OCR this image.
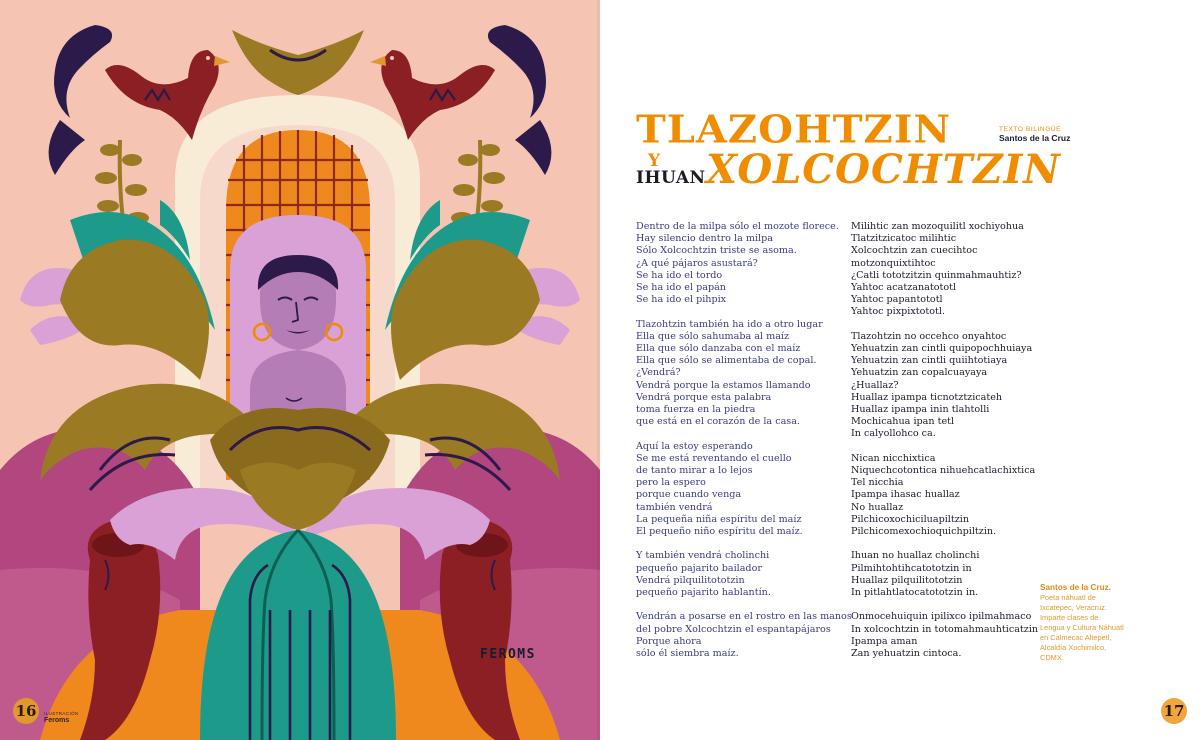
FEROMS
16	ILUSTRACIÓN
Feroms
TLAZOHTZIN
Y
IHUAN XOLCOCHTZIN
TEXTO BILINGÜE
Santos de la Cruz
Dentro de la milpa sólo el mozote florece.
Hay silencio dentro la milpa
Sólo Xolcochtzin triste se asoma.
¿A qué pájaros asustará?
Se ha ido el tordo
Se ha ido el papán
Se ha ido el pihpix
Tlazohtzin también ha ido a otro lugar
Ella que sólo sahumaba al maíz
Ella que sólo danzaba con el maíz
Ella que sólo se alimentaba de copal.
¿Vendrá?
Vendrá porque la estamos llamando
Vendrá porque esta palabra
toma fuerza en la piedra
que está en el corazón de la casa.
Aquí la estoy esperando
Se me está reventando el cuello
de tanto mirar a lo lejos
pero la espero
porque cuando venga
también vendrá
La pequeña niña espíritu del maíz
El pequeño niño espíritu del maíz.
Y también vendrá cholinchi
pequeño pajarito bailador
Vendrá pilquilitototzin
pequeño pajarito hablantín.
Vendrán a posarse en el rostro en las manos
del pobre Xolcochtzin el espantapájaros
Porque ahora
sólo él siembra maíz.
Milihtic zan mozoquilitl xochiyohua
Tlatzitzicatoc milihtic
Xolcochtzin zan cuecihtoc
motzonquixtihtoc
¿Catli tototzitzin quinmahmauhtiz?
Yahtoc acatzanatototl
Yahtoc papantototl
Yahtoc pixpixtototl.
Tlazohtzin no occehco onyahtoc
Yehuatzin zan cintli quipopochhuiaya
Yehuatzin zan cintli quiihtotiaya
Yehuatzin zan copalcuayaya
¿Huallaz?
Huallaz ipampa ticnotztzicateh
Huallaz ipampa inin tlahtolli
Mochicahua ipan tetl
In calyollohco ca.
Nican nicchixtica
Niquechcotontica nihuehcatlachixtica
Tel nicchia
Ipampa ihasac huallaz
No huallaz
Pilchicoxochiciluapiltzin
Pilchicomexochioquichpiltzin.
Ihuan no huallaz cholinchi
Pilmihtohtihcatototzin in
Huallaz pilquilitototzin
In pitlahtlatocatototzin in.
Onmocehuiquin ipilixco ipilmahmaco
In xolcochtzin in totomahmauhticatzin
Ipampa aman
Zan yehuatzin cintoca.
Santos de la Cruz.
Poeta náhuatl de
Ixcatepec, Veracruz.
Imparte clases de
Lengua y Cultura Náhuatl
en Calmecac Altepetl,
Alcaldía Xochimilco,
CDMX.
17
